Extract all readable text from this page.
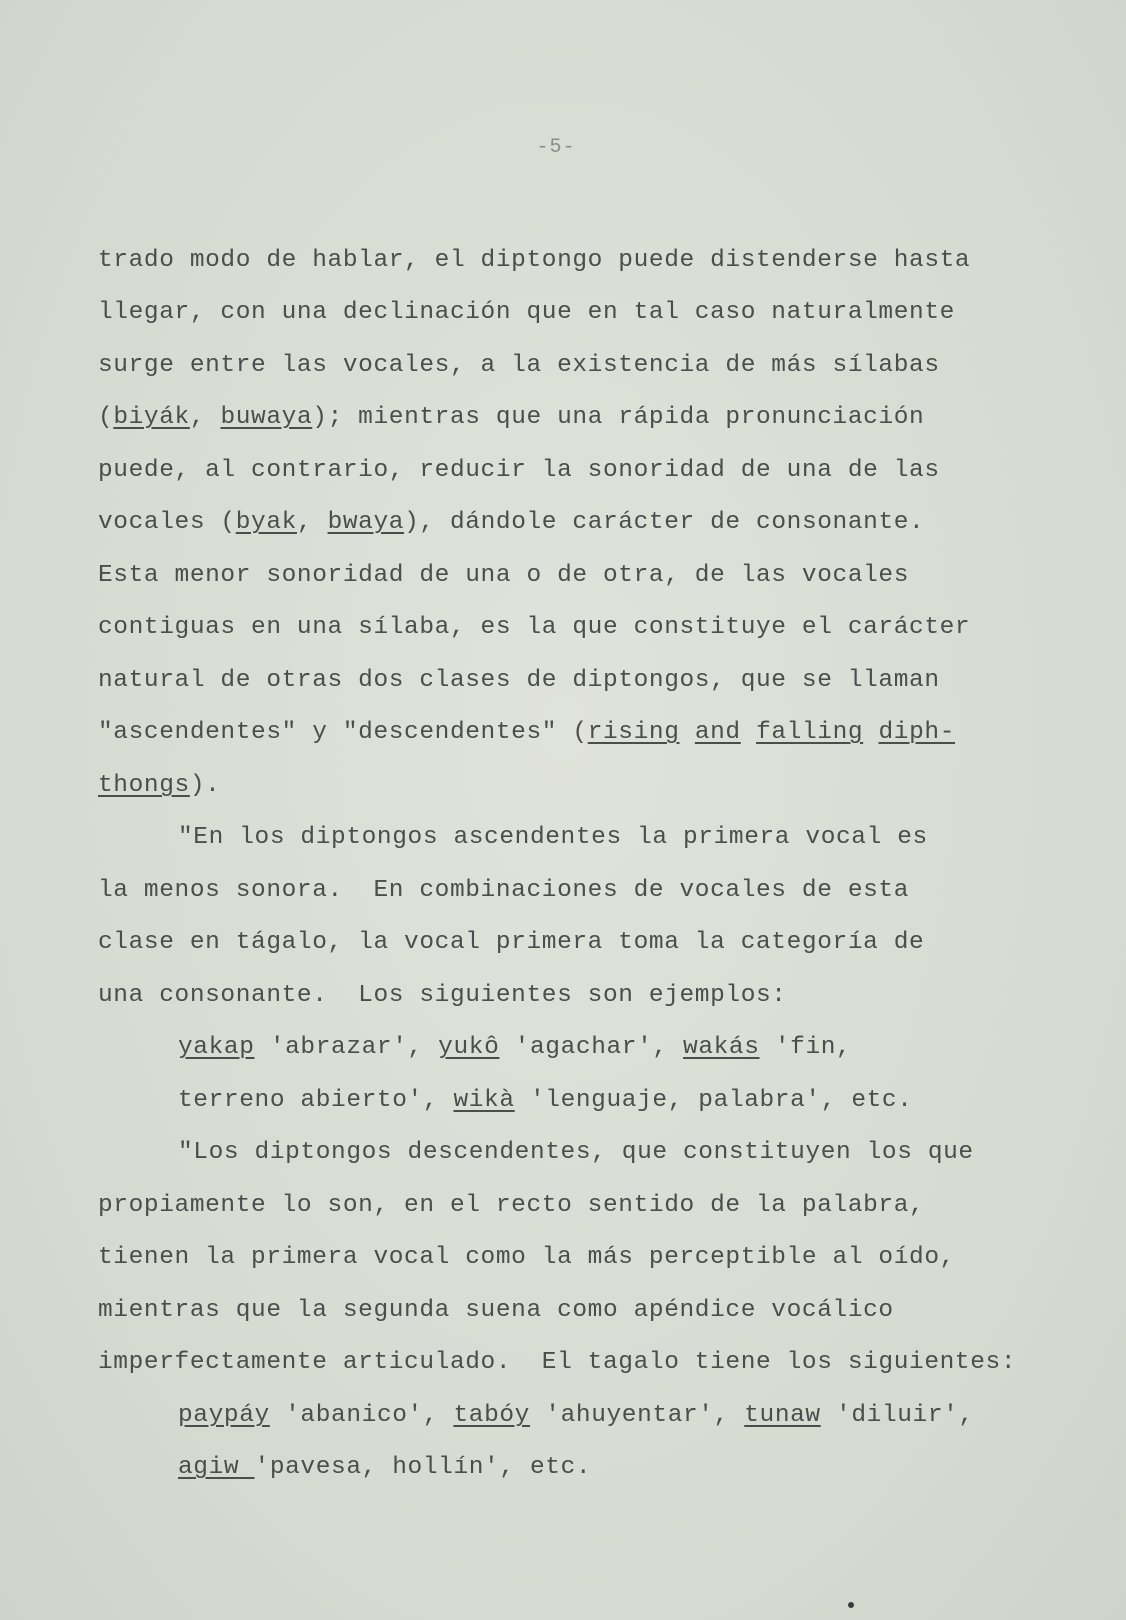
-5-
trado modo de hablar, el diptongo puede distenderse hasta
llegar, con una declinación que en tal caso naturalmente
surge entre las vocales, a la existencia de más sílabas
(biyák, buwaya); mientras que una rápida pronunciación
puede, al contrario, reducir la sonoridad de una de las
vocales (byak, bwaya), dándole carácter de consonante.
Esta menor sonoridad de una o de otra, de las vocales
contiguas en una sílaba, es la que constituye el carácter
natural de otras dos clases de diptongos, que se llaman
"ascendentes" y "descendentes" (rising and falling diph-
thongs).
"En los diptongos ascendentes la primera vocal es
la menos sonora.  En combinaciones de vocales de esta
clase en tágalo, la vocal primera toma la categoría de
una consonante.  Los siguientes son ejemplos:
yakap 'abrazar', yukô 'agachar', wakás 'fin,
terreno abierto', wikà 'lenguaje, palabra', etc.
"Los diptongos descendentes, que constituyen los que
propiamente lo son, en el recto sentido de la palabra,
tienen la primera vocal como la más perceptible al oído,
mientras que la segunda suena como apéndice vocálico
imperfectamente articulado.  El tagalo tiene los siguientes:
paypáy 'abanico', tabóy 'ahuyentar', tunaw 'diluir',
agiw 'pavesa, hollín', etc.
